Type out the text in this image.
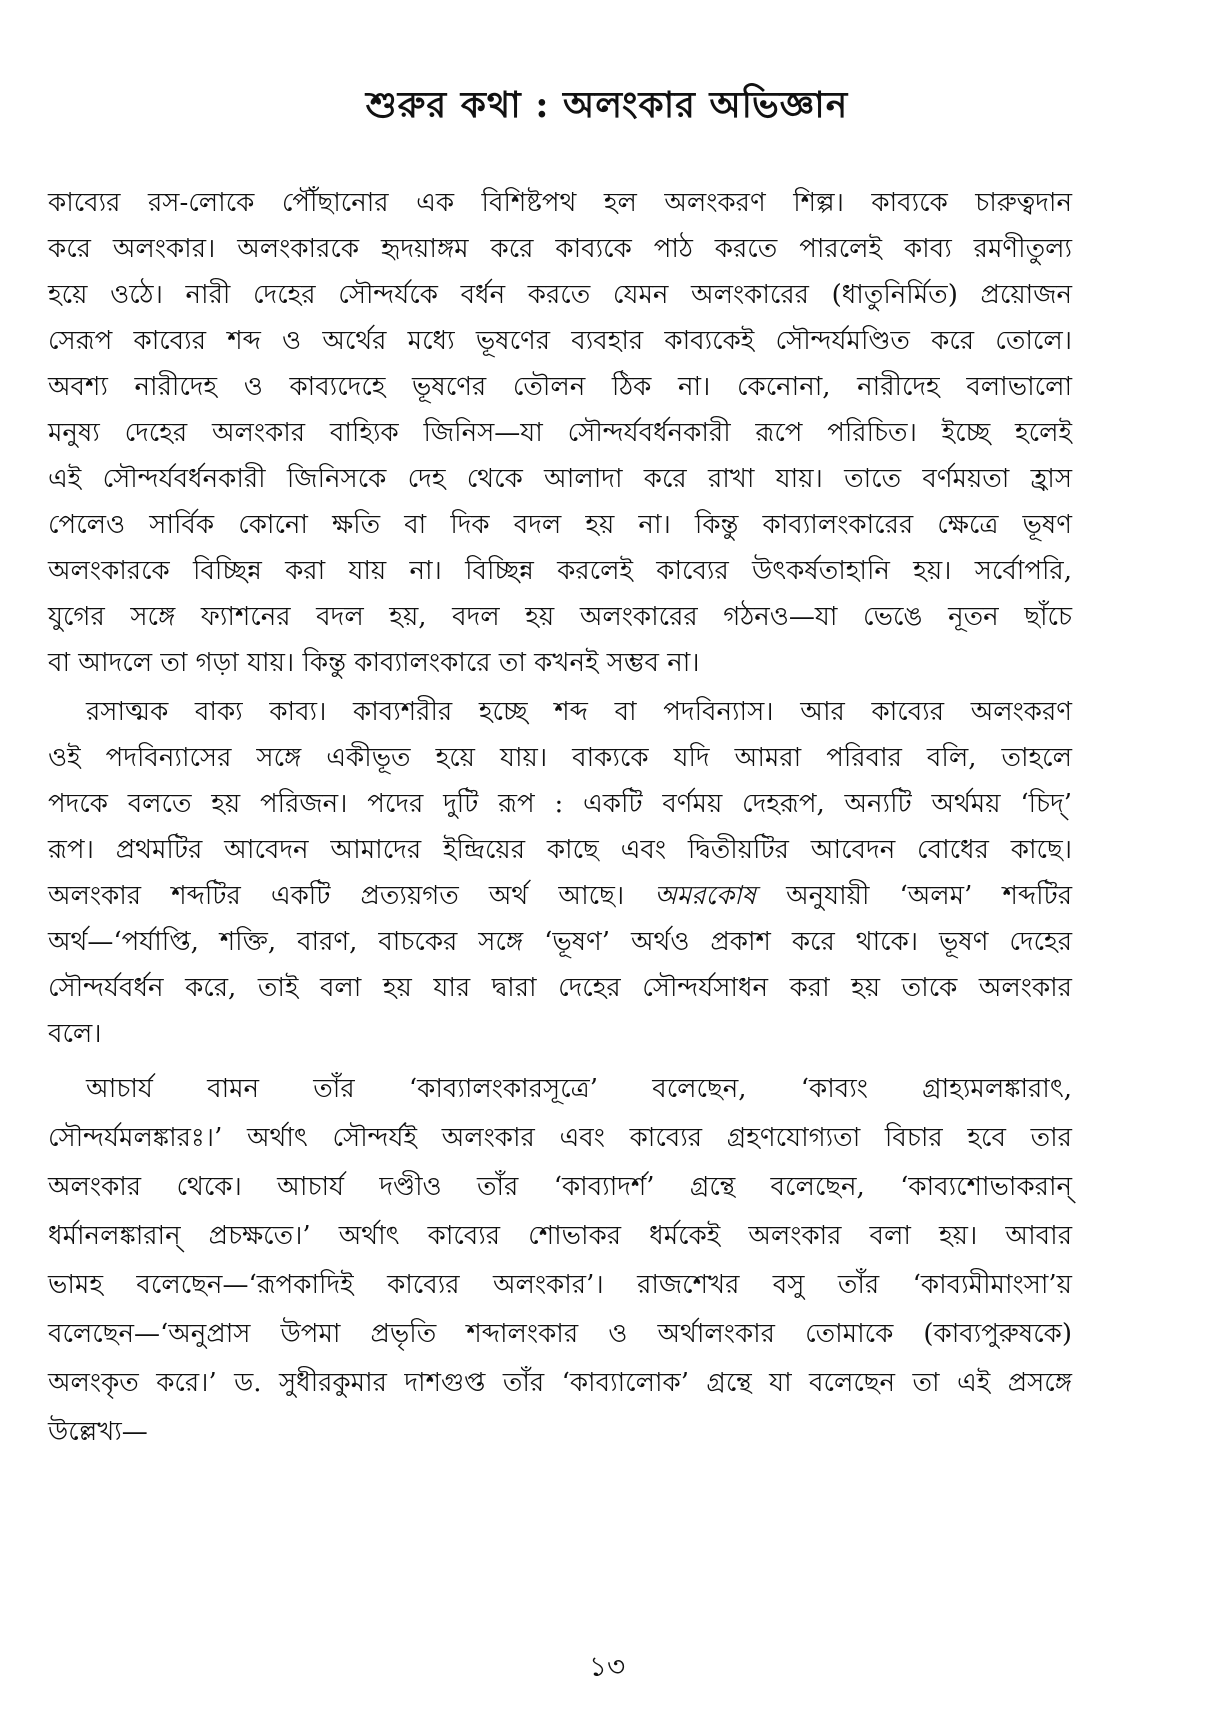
শুরুর কথা : অলংকার অভিজ্ঞান
কাব্যের রস-লোকে পৌঁছানোর এক বিশিষ্টপথ হল অলংকরণ শিল্প। কাব্যকে চারুত্বদান
করে অলংকার। অলংকারকে হৃদয়াঙ্গম করে কাব্যকে পাঠ করতে পারলেই কাব্য রমণীতুল্য
হয়ে ওঠে। নারী দেহের সৌন্দর্যকে বর্ধন করতে যেমন অলংকারের (ধাতুনির্মিত) প্রয়োজন
সেরূপ কাব্যের শব্দ ও অর্থের মধ্যে ভূষণের ব্যবহার কাব্যকেই সৌন্দর্যমণ্ডিত করে তোলে।
অবশ্য নারীদেহ ও কাব্যদেহে ভূষণের তৌলন ঠিক না। কেনোনা, নারীদেহ বলাভালো
মনুষ্য দেহের অলংকার বাহ্যিক জিনিস—যা সৌন্দর্যবর্ধনকারী রূপে পরিচিত। ইচ্ছে হলেই
এই সৌন্দর্যবর্ধনকারী জিনিসকে দেহ থেকে আলাদা করে রাখা যায়। তাতে বর্ণময়তা হ্রাস
পেলেও সার্বিক কোনো ক্ষতি বা দিক বদল হয় না। কিন্তু কাব্যালংকারের ক্ষেত্রে ভূষণ
অলংকারকে বিচ্ছিন্ন করা যায় না। বিচ্ছিন্ন করলেই কাব্যের উৎকর্ষতাহানি হয়। সর্বোপরি,
যুগের সঙ্গে ফ্যাশনের বদল হয়, বদল হয় অলংকারের গঠনও—যা ভেঙে নূতন ছাঁচে
বা আদলে তা গড়া যায়। কিন্তু কাব্যালংকারে তা কখনই সম্ভব না।
রসাত্মক বাক্য কাব্য। কাব্যশরীর হচ্ছে শব্দ বা পদবিন্যাস। আর কাব্যের অলংকরণ
ওই পদবিন্যাসের সঙ্গে একীভূত হয়ে যায়। বাক্যকে যদি আমরা পরিবার বলি, তাহলে
পদকে বলতে হয় পরিজন। পদের দুটি রূপ : একটি বর্ণময় দেহরূপ, অন্যটি অর্থময় ‘চিদ্’
রূপ। প্রথমটির আবেদন আমাদের ইন্দ্রিয়ের কাছে এবং দ্বিতীয়টির আবেদন বোধের কাছে।
অলংকার শব্দটির একটি প্রত্যয়গত অর্থ আছে। অমরকোষ অনুযায়ী ‘অলম’ শব্দটির
অর্থ—‘পর্যাপ্তি, শক্তি, বারণ, বাচকের সঙ্গে ‘ভূষণ’ অর্থও প্রকাশ করে থাকে। ভূষণ দেহের
সৌন্দর্যবর্ধন করে, তাই বলা হয় যার দ্বারা দেহের সৌন্দর্যসাধন করা হয় তাকে অলংকার
বলে।
আচার্য বামন তাঁর ‘কাব্যালংকারসূত্রে’ বলেছেন, ‘কাব্যং গ্রাহ্যমলঙ্কারাৎ,
সৌন্দর্যমলঙ্কারঃ।’ অর্থাৎ সৌন্দর্যই অলংকার এবং কাব্যের গ্রহণযোগ্যতা বিচার হবে তার
অলংকার থেকে। আচার্য দণ্ডীও তাঁর ‘কাব্যাদর্শ’ গ্রন্থে বলেছেন, ‘কাব্যশোভাকরান্
ধর্মানলঙ্কারান্ প্রচক্ষতে।’ অর্থাৎ কাব্যের শোভাকর ধর্মকেই অলংকার বলা হয়। আবার
ভামহ বলেছেন—‘রূপকাদিই কাব্যের অলংকার’। রাজশেখর বসু তাঁর ‘কাব্যমীমাংসা’য়
বলেছেন—‘অনুপ্রাস উপমা প্রভৃতি শব্দালংকার ও অর্থালংকার তোমাকে (কাব্যপুরুষকে)
অলংকৃত করে।’ ড. সুধীরকুমার দাশগুপ্ত তাঁর ‘কাব্যালোক’ গ্রন্থে যা বলেছেন তা এই প্রসঙ্গে
উল্লেখ্য—
১৩
